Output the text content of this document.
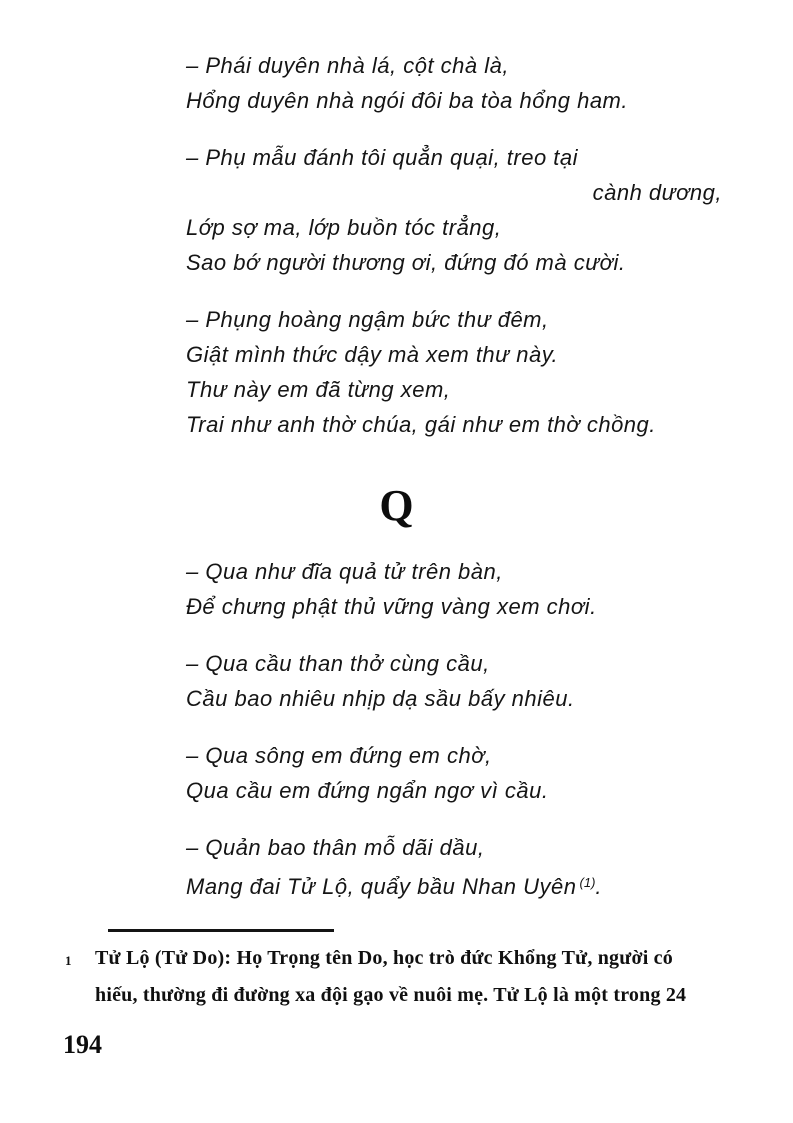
– Phái duyên nhà lá, cột chà là,
Hổng duyên nhà ngói đôi ba tòa hổng ham.
– Phụ mẫu đánh tôi quẳn quại, treo tại
cành dương,
Lớp sợ ma, lớp buồn tóc trẳng,
Sao bớ người thương ơi, đứng đó mà cười.
– Phụng hoàng ngậm bức thư đêm,
Giật mình thức dậy mà xem thư này.
Thư này em đã từng xem,
Trai như anh thờ chúa, gái như em thờ chồng.
Q
– Qua như đĩa quả tử trên bàn,
Để chưng phật thủ vững vàng xem chơi.
– Qua cầu than thở cùng cầu,
Cầu bao nhiêu nhịp dạ sầu bấy nhiêu.
– Qua sông em đứng em chờ,
Qua cầu em đứng ngẩn ngơ vì cầu.
– Quản bao thân mỗ dãi dầu,
Mang đai Tử Lộ, quẩy bầu Nhan Uyên $^{(1)}$.
1 Tử Lộ (Tử Do): Họ Trọng tên Do, học trò đức Khổng Tử, người có
hiếu, thường đi đường xa đội gạo về nuôi mẹ. Tử Lộ là một trong 24
194
